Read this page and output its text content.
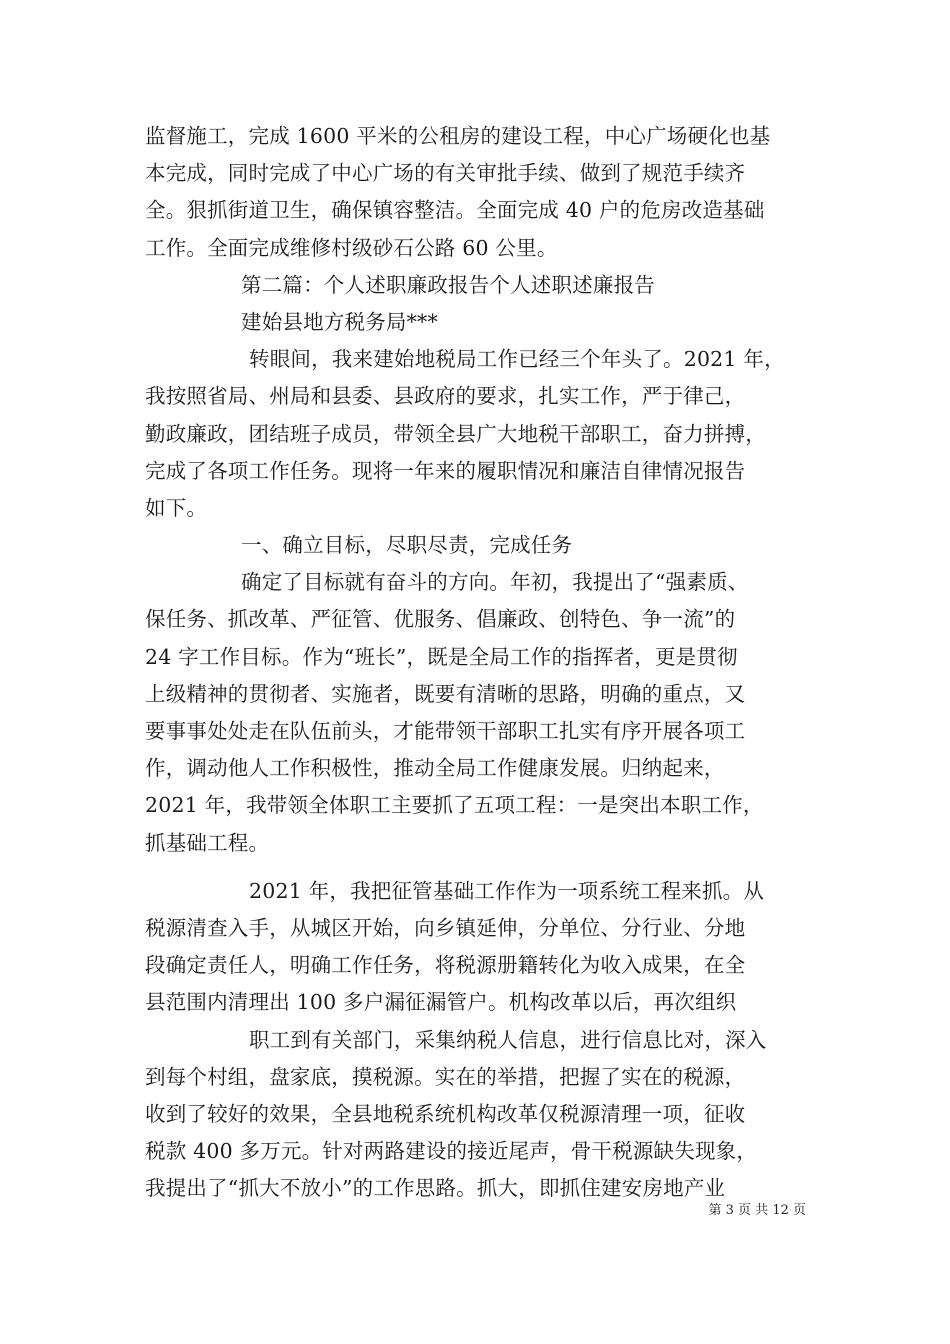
监督施工，完成 1600 平米的公租房的建设工程，中心广场硬化也基
本完成，同时完成了中心广场的有关审批手续、做到了规范手续齐
全。狠抓街道卫生，确保镇容整洁。全面完成 40 户的危房改造基础
工作。全面完成维修村级砂石公路 60 公里。
第二篇：个人述职廉政报告个人述职述廉报告
建始县地方税务局***
转眼间，我来建始地税局工作已经三个年头了。2021 年，
我按照省局、州局和县委、县政府的要求，扎实工作，严于律己，
勤政廉政，团结班子成员，带领全县广大地税干部职工，奋力拼搏，
完成了各项工作任务。现将一年来的履职情况和廉洁自律情况报告
如下。
一、确立目标，尽职尽责，完成任务
确定了目标就有奋斗的方向。年初，我提出了“强素质、
保任务、抓改革、严征管、优服务、倡廉政、创特色、争一流”的
24 字工作目标。作为“班长”，既是全局工作的指挥者，更是贯彻
上级精神的贯彻者、实施者，既要有清晰的思路，明确的重点，又
要事事处处走在队伍前头，才能带领干部职工扎实有序开展各项工
作，调动他人工作积极性，推动全局工作健康发展。归纳起来，
2021 年，我带领全体职工主要抓了五项工程：一是突出本职工作，
抓基础工程。
2021 年，我把征管基础工作作为一项系统工程来抓。从
税源清查入手，从城区开始，向乡镇延伸，分单位、分行业、分地
段确定责任人，明确工作任务，将税源册籍转化为收入成果，在全
县范围内清理出 100 多户漏征漏管户。机构改革以后，再次组织
职工到有关部门，采集纳税人信息，进行信息比对，深入
到每个村组，盘家底，摸税源。实在的举措，把握了实在的税源，
收到了较好的效果，全县地税系统机构改革仅税源清理一项，征收
税款 400 多万元。针对两路建设的接近尾声，骨干税源缺失现象，
我提出了“抓大不放小”的工作思路。抓大，即抓住建安房地产业
第 3 页 共 12 页
